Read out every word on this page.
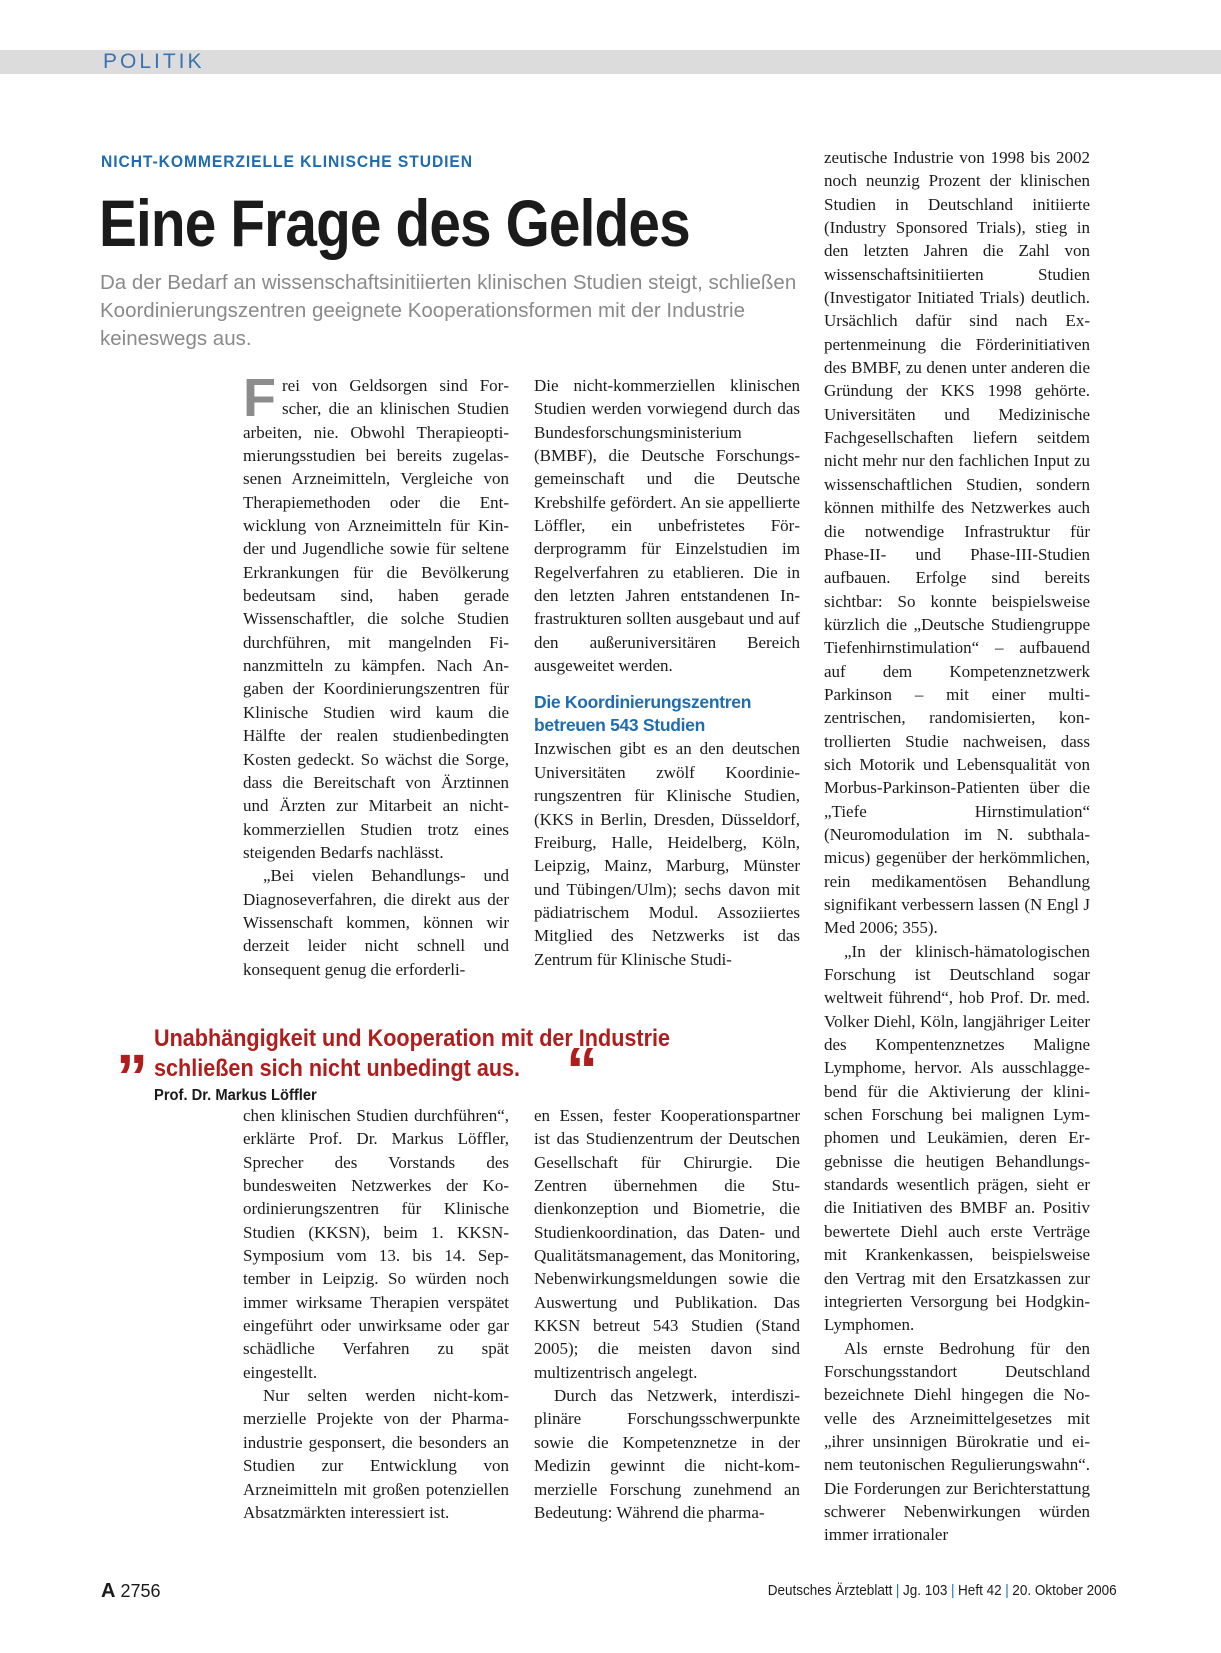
POLITIK
NICHT-KOMMERZIELLE KLINISCHE STUDIEN
Eine Frage des Geldes
Da der Bedarf an wissenschaftsinitiierten klinischen Studien steigt, schließen Koordinierungszentren geeignete Kooperationsformen mit der Industrie keineswegs aus.

Frei von Geldsorgen sind Forscher, die an klinischen Studien arbeiten, nie. Obwohl Therapieoptimierungsstudien bei bereits zugelassenen Arzneimitteln, Vergleiche von Therapiemethoden oder die Entwicklung von Arzneimitteln für Kinder und Jugendliche sowie für seltene Erkrankungen für die Bevölkerung bedeutsam sind, haben gerade Wissenschaftler, die solche Studien durchführen, mit mangelnden Finanzmitteln zu kämpfen. Nach Angaben der Koordinierungszentren für Klinische Studien wird kaum die Hälfte der realen studienbedingten Kosten gedeckt. So wächst die Sorge, dass die Bereitschaft von Ärztinnen und Ärzten zur Mitarbeit an nicht-kommerziellen Studien trotz eines steigenden Bedarfs nachlässt.

„Bei vielen Behandlungs- und Diagnoseverfahren, die direkt aus der Wissenschaft kommen, können wir derzeit leider nicht schnell und konsequent genug die erforderli-

Die nicht-kommerziellen klinischen Studien werden vorwiegend durch das Bundesforschungsministerium (BMBF), die Deutsche Forschungsgemeinschaft und die Deutsche Krebshilfe gefördert. An sie appellierte Löffler, ein unbefristetes Förderprogramm für Einzelstudien im Regelverfahren zu etablieren. Die in den letzten Jahren entstandenen Infrastrukturen sollten ausgebaut und auf den außeruniversitären Bereich ausgeweitet werden.

Die Koordinierungszentren betreuen 543 Studien

Inzwischen gibt es an den deutschen Universitäten zwölf Koordinierungszentren für Klinische Studien, (KKS in Berlin, Dresden, Düsseldorf, Freiburg, Halle, Heidelberg, Köln, Leipzig, Mainz, Marburg, Münster und Tübingen/Ulm); sechs davon mit pädiatrischem Modul. Assoziiertes Mitglied des Netzwerks ist das Zentrum für Klinische Studi-

zeutische Industrie von 1998 bis 2002 noch neunzig Prozent der klinischen Studien in Deutschland initiierte (Industry Sponsored Trials), stieg in den letzten Jahren die Zahl von wissenschaftsinitiierten Studien (Investigator Initiated Trials) deutlich. Ursächlich dafür sind nach Expertenmeinung die Förderinitiativen des BMBF, zu denen unter anderen die Gründung der KKS 1998 gehörte. Universitäten und Medizinische Fachgesellschaften liefern seitdem nicht mehr nur den fachlichen Input zu wissenschaftlichen Studien, sondern können mithilfe des Netzwerkes auch die notwendige Infrastruktur für Phase-II- und Phase-III-Studien aufbauen. Erfolge sind bereits sichtbar: So konnte beispielsweise kürzlich die „Deutsche Studiengruppe Tiefenhirnstimulation“ – aufbauend auf dem Kompetenznetzwerk Parkinson – mit einer multizentrischen, randomisierten, kontrollierten Studie nachweisen, dass sich Motorik und Lebensqualität von Morbus-Parkinson-Patienten über die „Tiefe Hirnstimulation“ (Neuromodulation im N. subthalamicus) gegenüber der herkömmlichen, rein medikamentösen Behandlung signifikant verbessern lassen (N Engl J Med 2006; 355).

„In der klinisch-hämatologischen Forschung ist Deutschland sogar weltweit führend“, hob Prof. Dr. med. Volker Diehl, Köln, langjähriger Leiter des Kompentenznetzes Maligne Lymphome, hervor. Als ausschlaggebend für die Aktivierung der klinischen Forschung bei malignen Lymphomen und Leukämien, deren Ergebnisse die heutigen Behandlungsstandards wesentlich prägen, sieht er die Initiativen des BMBF an. Positiv bewertete Diehl auch erste Verträge mit Krankenkassen, beispielsweise den Vertrag mit den Ersatzkassen zur integrierten Versorgung bei Hodgkin-Lymphomen.

Als ernste Bedrohung für den Forschungsstandort Deutschland bezeichnete Diehl hingegen die Novelle des Arzneimittelgesetzes mit „ihrer unsinnigen Bürokratie und einem teutonischen Regulierungswahn“. Die Forderungen zur Berichterstattung schwerer Nebenwirkungen würden immer irrationaler

„ Unabhängigkeit und Kooperation mit der Industrie schließen sich nicht unbedingt aus. “
Prof. Dr. Markus Löffler

chen klinischen Studien durchführen“, erklärte Prof. Dr. Markus Löffler, Sprecher des Vorstands des bundesweiten Netzwerkes der Koordinierungszentren für Klinische Studien (KKSN), beim 1. KKSN-Symposium vom 13. bis 14. September in Leipzig. So würden noch immer wirksame Therapien verspätet eingeführt oder unwirksame oder gar schädliche Verfahren zu spät eingestellt.

Nur selten werden nicht-kommerzielle Projekte von der Pharmaindustrie gesponsert, die besonders an Studien zur Entwicklung von Arzneimitteln mit großen potenziellen Absatzmärkten interessiert ist.

en Essen, fester Kooperationspartner ist das Studienzentrum der Deutschen Gesellschaft für Chirurgie. Die Zentren übernehmen die Studienkonzeption und Biometrie, die Studienkoordination, das Daten- und Qualitätsmanagement, das Monitoring, Nebenwirkungsmeldungen sowie die Auswertung und Publikation. Das KKSN betreut 543 Studien (Stand 2005); die meisten davon sind multizentrisch angelegt.

Durch das Netzwerk, interdisziplinäre Forschungsschwerpunkte sowie die Kompetenznetze in der Medizin gewinnt die nicht-kommerzielle Forschung zunehmend an Bedeutung: Während die pharma-

A 2756	Deutsches Ärzteblatt | Jg. 103 | Heft 42 | 20. Oktober 2006
